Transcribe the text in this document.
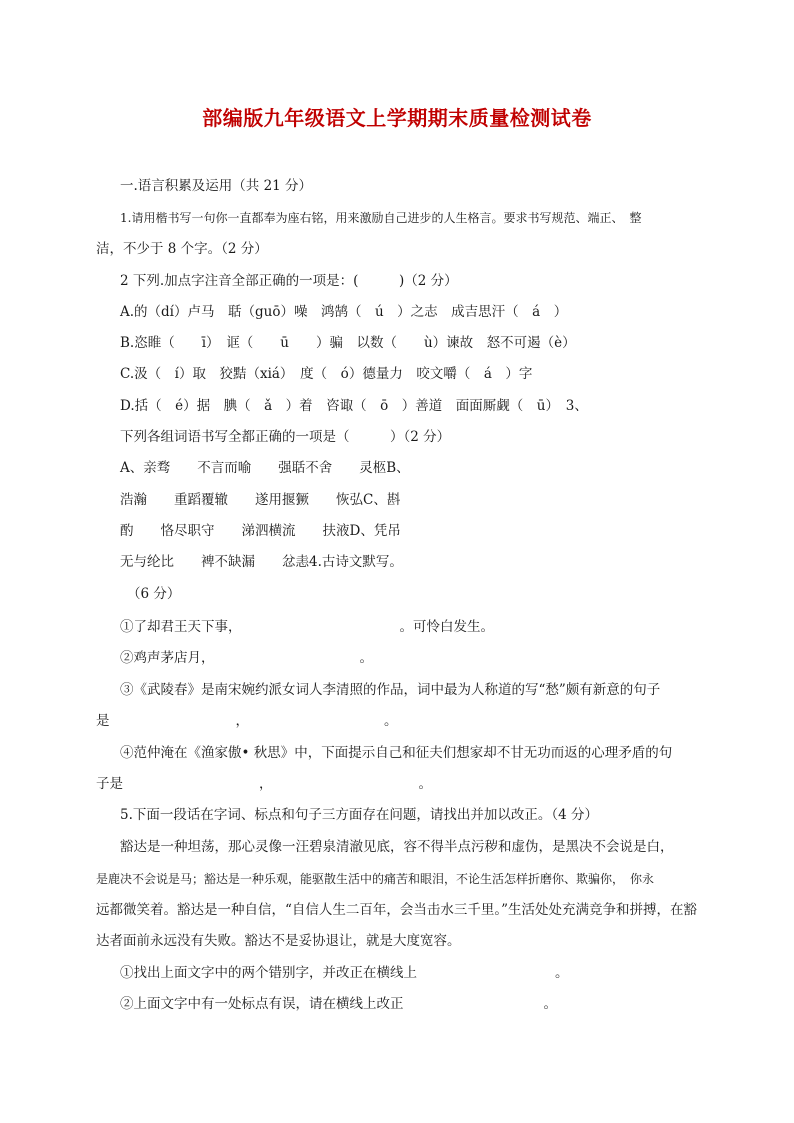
部编版九年级语文上学期期末质量检测试卷
一.语言积累及运用（共 21 分）
1.请用楷书写一句你一直都奉为座右铭，用来激励自己进步的人生格言。要求书写规范、端正、　整
洁，不少于 8 个字。（2 分）
2 下列.加点字注音全部正确的一项是：(　　　)（2 分）
A.的（dí）卢马　聒（guō）噪　鸿鹄（　ú　）之志　成吉思汗（　á　）
B.恣睢（　　ī）　诓（　　ū　　）骗　以数（　　ù）谏故　怒不可遏（è）
C.汲（　í）取　狡黠（xiá）　度（　ó）德量力　咬文嚼（　á　）字
D.括（　é）据　腆（　ǎ　）着　咨诹（　ō　）善道　面面厮觑（　ū）　3、
下列各组词语书写全都正确的一项是（　　　）（2 分）
A、亲骛　　不言而喻　　强聒不舍　　灵柩B、
浩瀚　　重蹈覆辙　　遂用揠獗　　恢弘C、斟
酌　　恪尽职守　　涕泗横流　　扶液D、凭吊
无与纶比　　裨不缺漏　　忿恚4.古诗文默写。
（6 分）
①了却君王天下事，	。可怜白发生。
②鸡声茅店月，	。
③《武陵春》是南宋婉约派女词人李清照的作品，词中最为人称道的写“愁”颇有新意的句子
是	，	。
④范仲淹在《渔家傲• 秋思》中，下面提示自己和征夫们想家却不甘无功而返的心理矛盾的句
子是	，	。
5.下面一段话在字词、标点和句子三方面存在问题，请找出并加以改正。（4 分）
豁达是一种坦荡，那心灵像一汪碧泉清澈见底，容不得半点污秽和虚伪，是黑决不会说是白，
是鹿决不会说是马；豁达是一种乐观，能驱散生活中的痛苦和眼泪，不论生活怎样折磨你、欺骗你，　你永
远都微笑着。豁达是一种自信，“自信人生二百年，会当击水三千里。”生活处处充满竞争和拼搏，在豁
达者面前永远没有失败。豁达不是妥协退让，就是大度宽容。
①找出上面文字中的两个错别字，并改正在横线上	。
②上面文字中有一处标点有误，请在横线上改正	。
